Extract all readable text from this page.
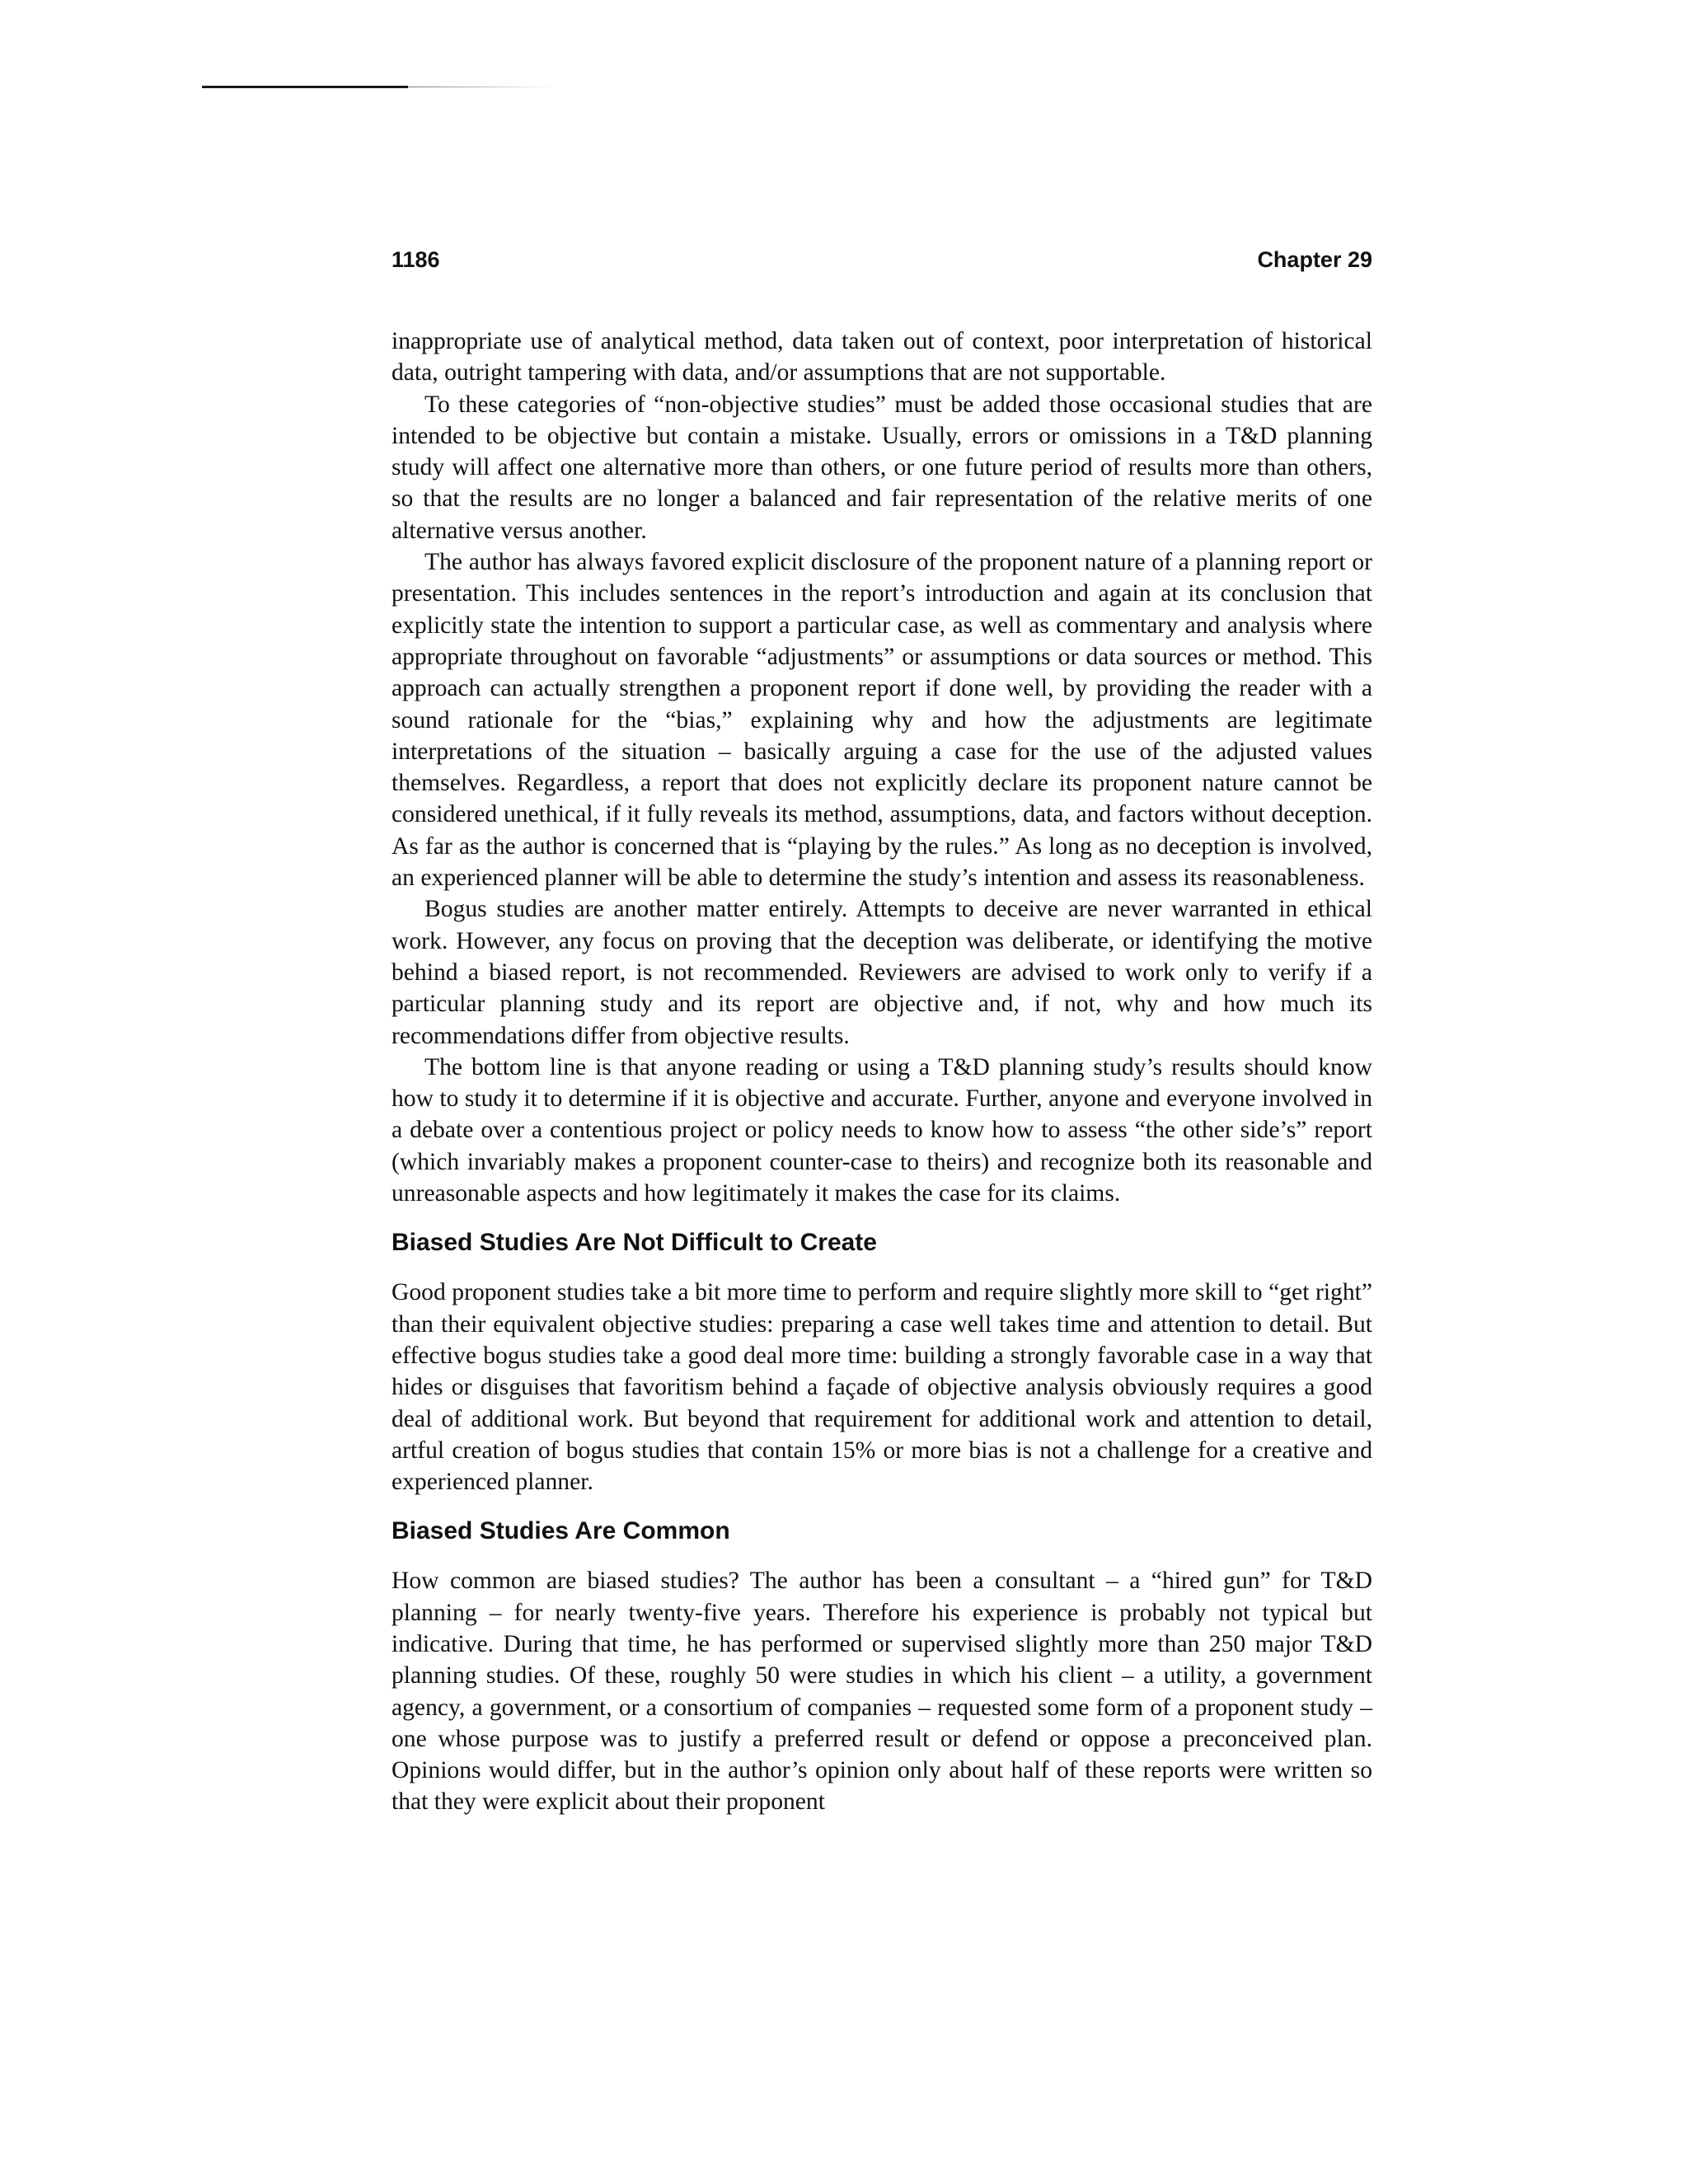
1186	Chapter 29

inappropriate use of analytical method, data taken out of context, poor interpretation of historical data, outright tampering with data, and/or assumptions that are not supportable.

To these categories of “non-objective studies” must be added those occasional studies that are intended to be objective but contain a mistake. Usually, errors or omissions in a T&D planning study will affect one alternative more than others, or one future period of results more than others, so that the results are no longer a balanced and fair representation of the relative merits of one alternative versus another.

The author has always favored explicit disclosure of the proponent nature of a planning report or presentation. This includes sentences in the report’s introduction and again at its conclusion that explicitly state the intention to support a particular case, as well as commentary and analysis where appropriate throughout on favorable “adjustments” or assumptions or data sources or method. This approach can actually strengthen a proponent report if done well, by providing the reader with a sound rationale for the “bias,” explaining why and how the adjustments are legitimate interpretations of the situation – basically arguing a case for the use of the adjusted values themselves. Regardless, a report that does not explicitly declare its proponent nature cannot be considered unethical, if it fully reveals its method, assumptions, data, and factors without deception. As far as the author is concerned that is “playing by the rules.” As long as no deception is involved, an experienced planner will be able to determine the study’s intention and assess its reasonableness.

Bogus studies are another matter entirely. Attempts to deceive are never warranted in ethical work. However, any focus on proving that the deception was deliberate, or identifying the motive behind a biased report, is not recommended. Reviewers are advised to work only to verify if a particular planning study and its report are objective and, if not, why and how much its recommendations differ from objective results.

The bottom line is that anyone reading or using a T&D planning study’s results should know how to study it to determine if it is objective and accurate. Further, anyone and everyone involved in a debate over a contentious project or policy needs to know how to assess “the other side’s” report (which invariably makes a proponent counter-case to theirs) and recognize both its reasonable and unreasonable aspects and how legitimately it makes the case for its claims.

Biased Studies Are Not Difficult to Create

Good proponent studies take a bit more time to perform and require slightly more skill to “get right” than their equivalent objective studies: preparing a case well takes time and attention to detail. But effective bogus studies take a good deal more time: building a strongly favorable case in a way that hides or disguises that favoritism behind a façade of objective analysis obviously requires a good deal of additional work. But beyond that requirement for additional work and attention to detail, artful creation of bogus studies that contain 15% or more bias is not a challenge for a creative and experienced planner.

Biased Studies Are Common

How common are biased studies? The author has been a consultant – a “hired gun” for T&D planning – for nearly twenty-five years. Therefore his experience is probably not typical but indicative. During that time, he has performed or supervised slightly more than 250 major T&D planning studies. Of these, roughly 50 were studies in which his client – a utility, a government agency, a government, or a consortium of companies – requested some form of a proponent study – one whose purpose was to justify a preferred result or defend or oppose a preconceived plan. Opinions would differ, but in the author’s opinion only about half of these reports were written so that they were explicit about their proponent
